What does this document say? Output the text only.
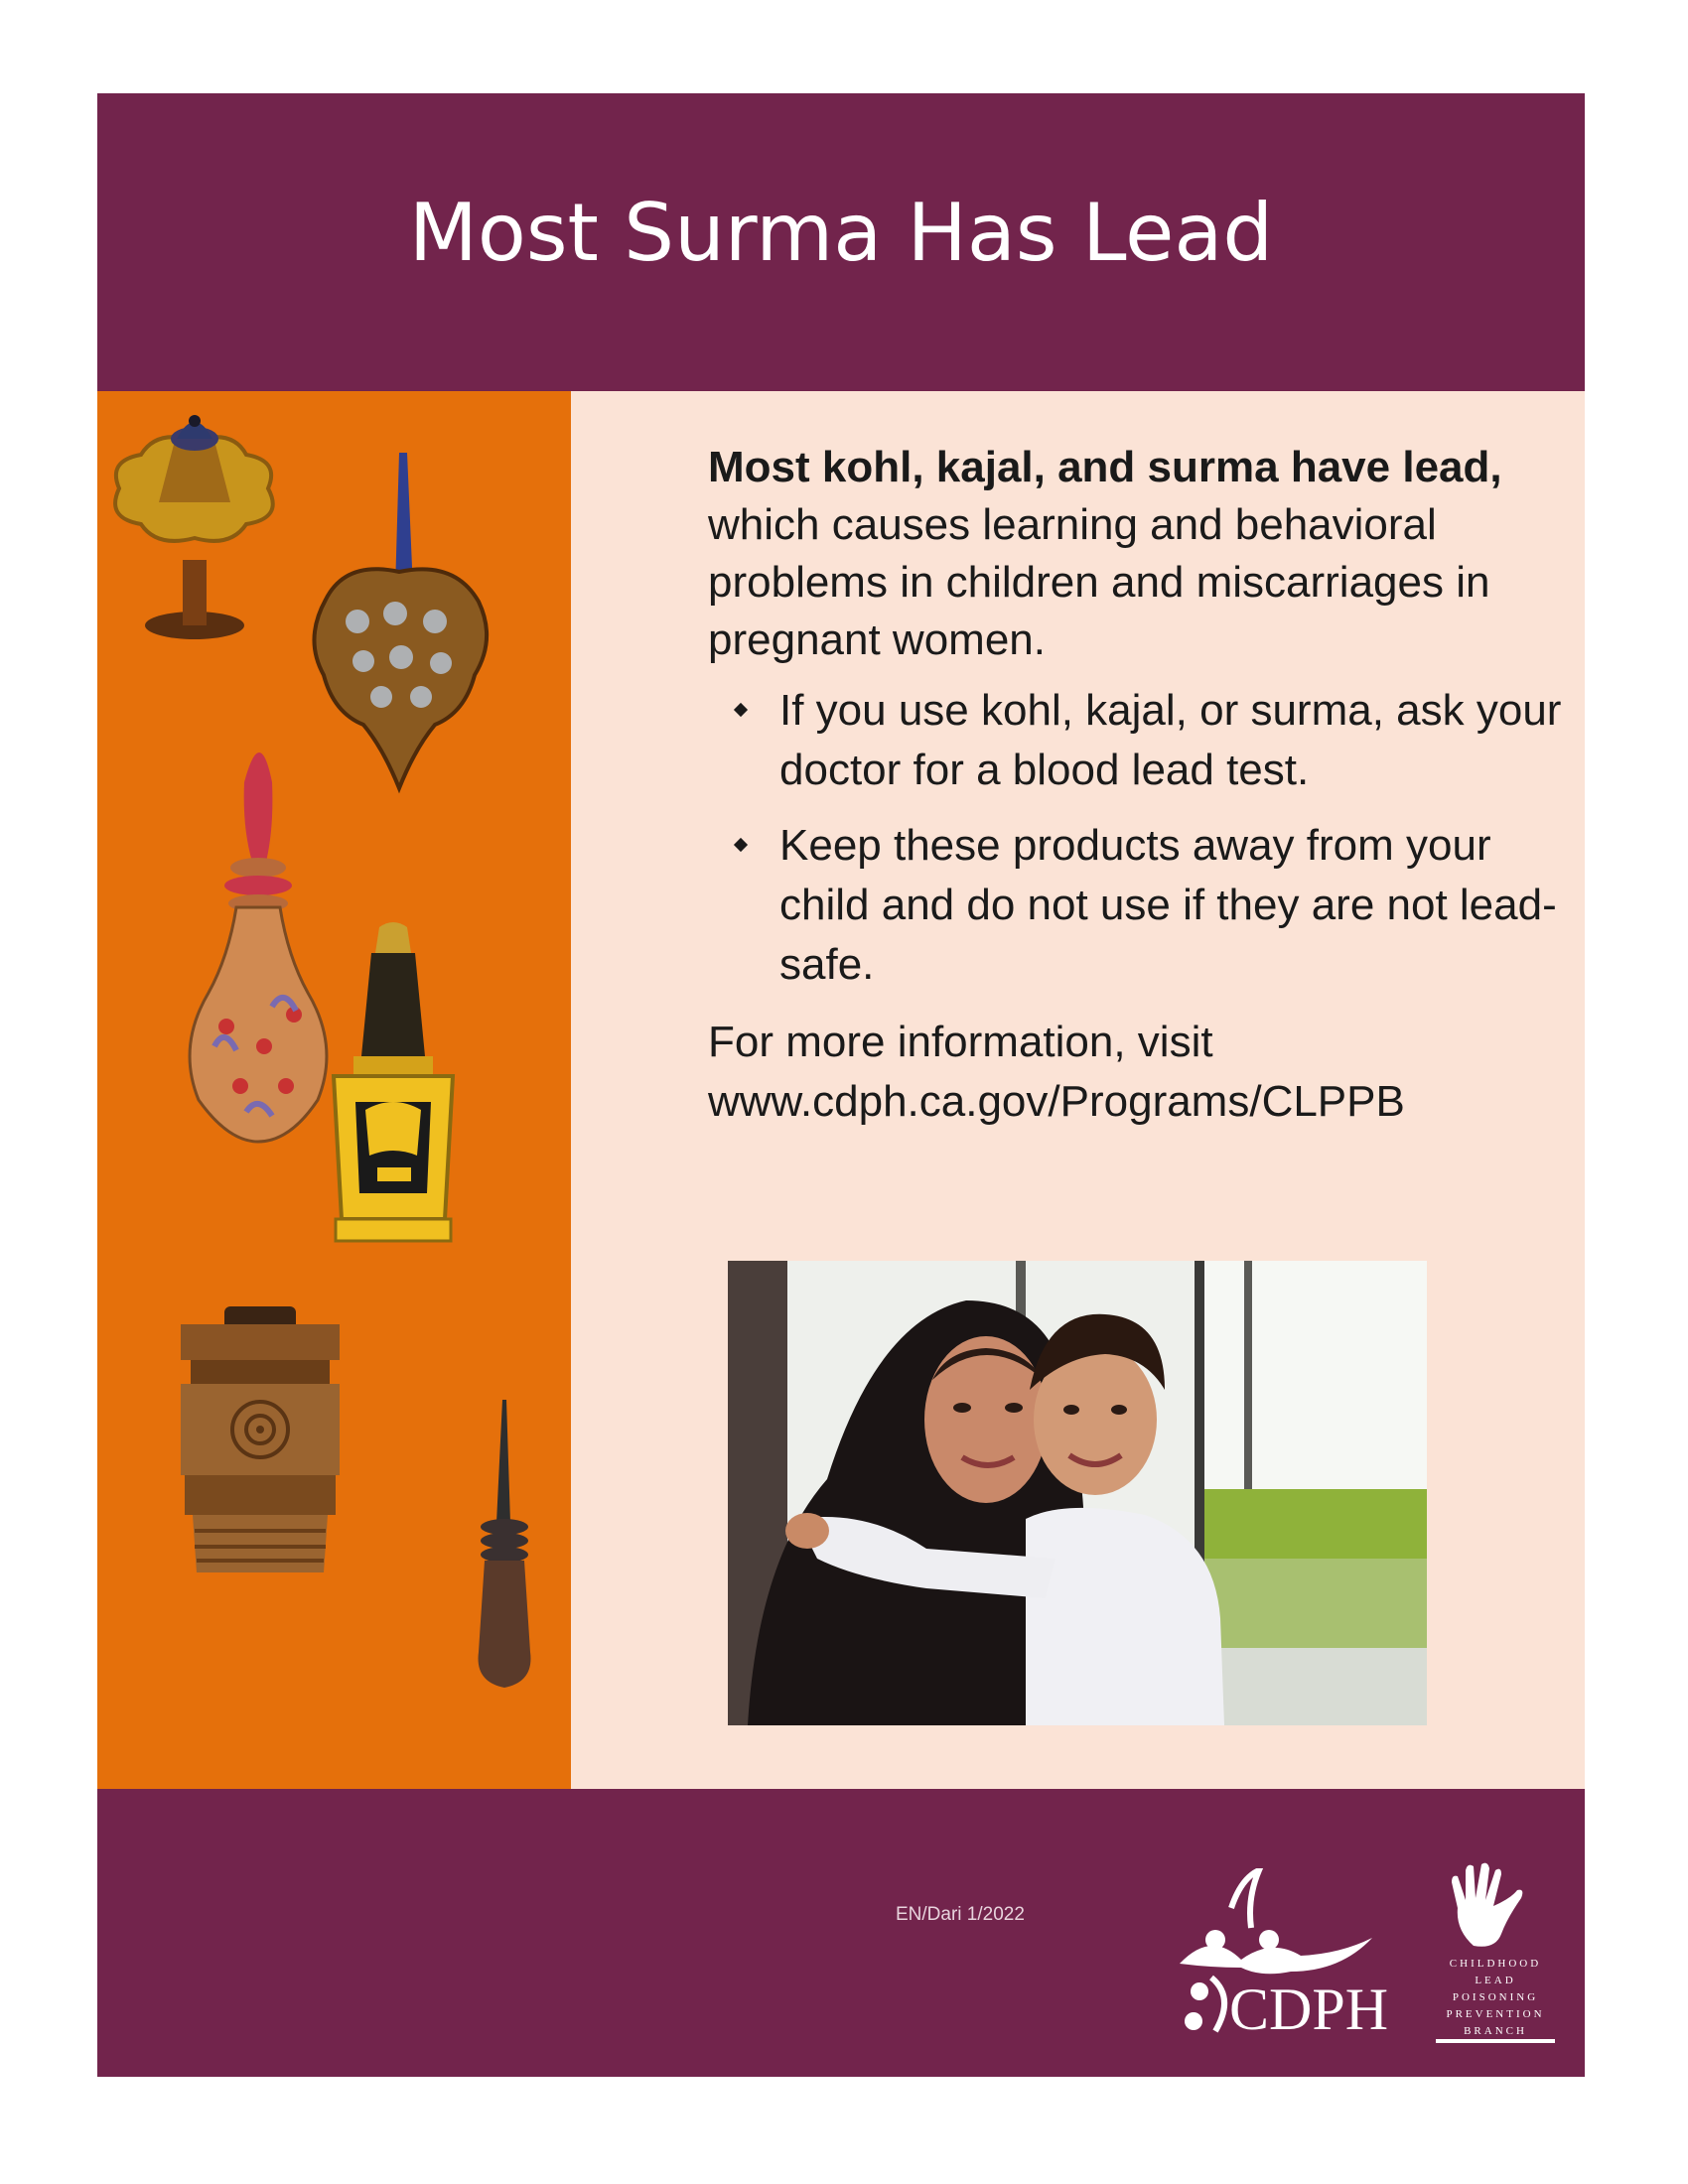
Most Surma Has Lead

Most kohl, kajal, and surma have lead, which causes learning and behavioral problems in children and miscarriages in pregnant women.

If you use kohl, kajal, or surma, ask your doctor for a blood lead test.
Keep these products away from your child and do not use if they are not lead-safe.

For more information, visit
www.cdph.ca.gov/Programs/CLPPB

CDPH
CHILDHOOD
LEAD POISONING
PREVENTION
BRANCH
EN/Dari 1/2022
